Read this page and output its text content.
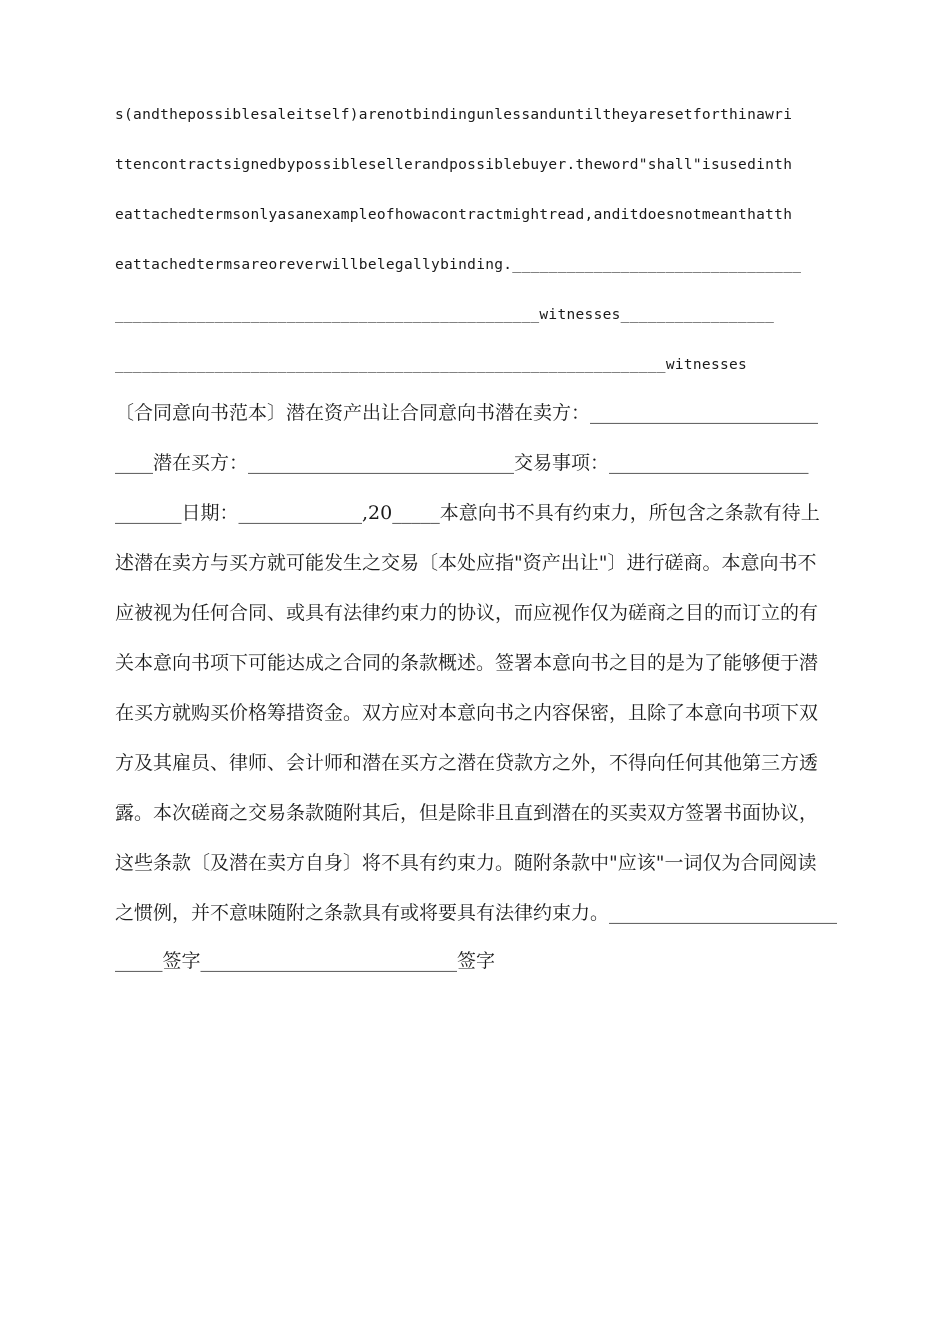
s(andthepossiblesaleitself)arenotbindingunlessanduntiltheyaresetforthinawri
ttencontractsignedbypossiblesellerandpossiblebuyer.theword"shall"isusedinth
eattachedtermsonlyasanexampleofhowacontractmightread,anditdoesnotmeanthatth
eattachedtermsareoreverwillbelegallybinding.________________________________
_______________________________________________witnesses_________________
_____________________________________________________________witnesses
〔合同意向书范本〕潜在资产出让合同意向书潜在卖方：________________________
____潜在买方：____________________________交易事项：_____________________
_______日期：_____________,20_____本意向书不具有约束力，所包含之条款有待上
述潜在卖方与买方就可能发生之交易〔本处应指"资产出让"〕进行磋商。本意向书不
应被视为任何合同、或具有法律约束力的协议，而应视作仅为磋商之目的而订立的有
关本意向书项下可能达成之合同的条款概述。签署本意向书之目的是为了能够便于潜
在买方就购买价格筹措资金。双方应对本意向书之内容保密，且除了本意向书项下双
方及其雇员、律师、会计师和潜在买方之潜在贷款方之外，不得向任何其他第三方透
露。本次磋商之交易条款随附其后，但是除非且直到潜在的买卖双方签署书面协议，
这些条款〔及潜在卖方自身〕将不具有约束力。随附条款中"应该"一词仅为合同阅读
之惯例，并不意味随附之条款具有或将要具有法律约束力。________________________
_____签字___________________________签字
